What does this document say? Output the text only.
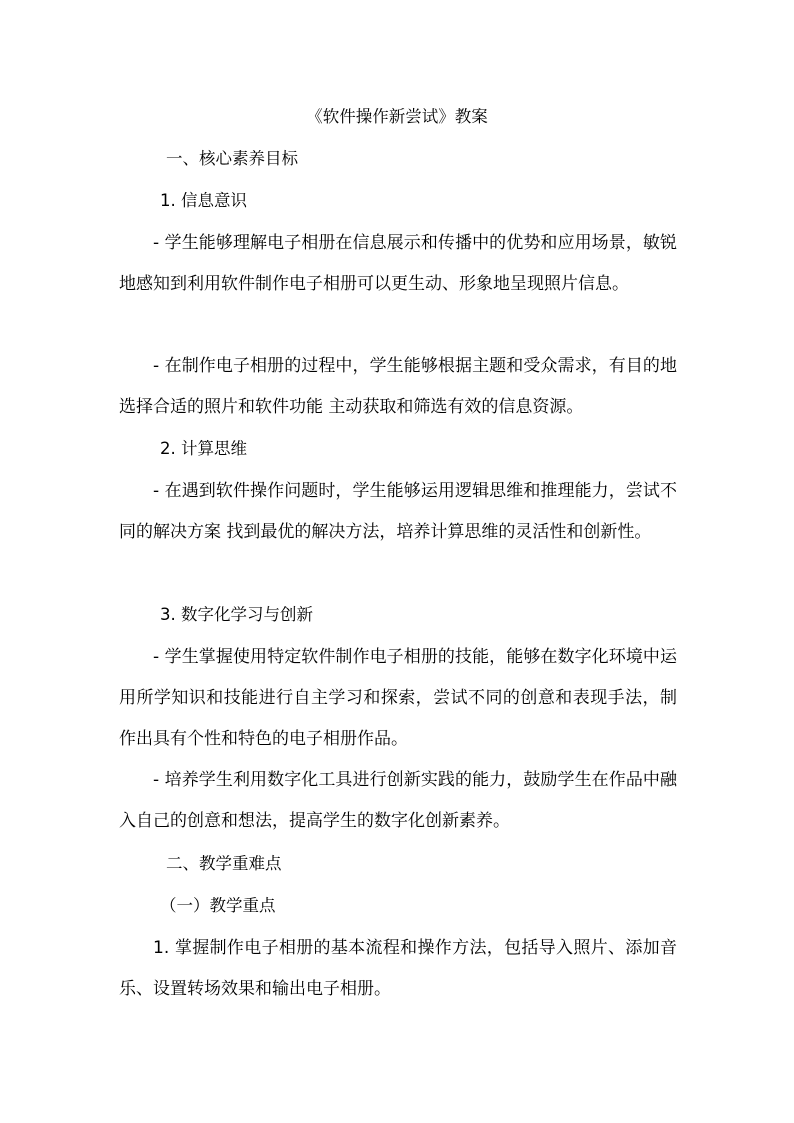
《软件操作新尝试》教案

一、核心素养目标

1. 信息意识

- 学生能够理解电子相册在信息展示和传播中的优势和应用场景，敏锐地感知到利用软件制作电子相册可以更生动、形象地呈现照片信息。

- 在制作电子相册的过程中，学生能够根据主题和受众需求，有目的地选择合适的照片和软件功能 主动获取和筛选有效的信息资源。

2. 计算思维

- 在遇到软件操作问题时，学生能够运用逻辑思维和推理能力，尝试不同的解决方案 找到最优的解决方法，培养计算思维的灵活性和创新性。

3. 数字化学习与创新

- 学生掌握使用特定软件制作电子相册的技能，能够在数字化环境中运用所学知识和技能进行自主学习和探索，尝试不同的创意和表现手法，制作出具有个性和特色的电子相册作品。

- 培养学生利用数字化工具进行创新实践的能力，鼓励学生在作品中融入自己的创意和想法，提高学生的数字化创新素养。

二、教学重难点

（一）教学重点

1. 掌握制作电子相册的基本流程和操作方法，包括导入照片、添加音乐、设置转场效果和输出电子相册。
